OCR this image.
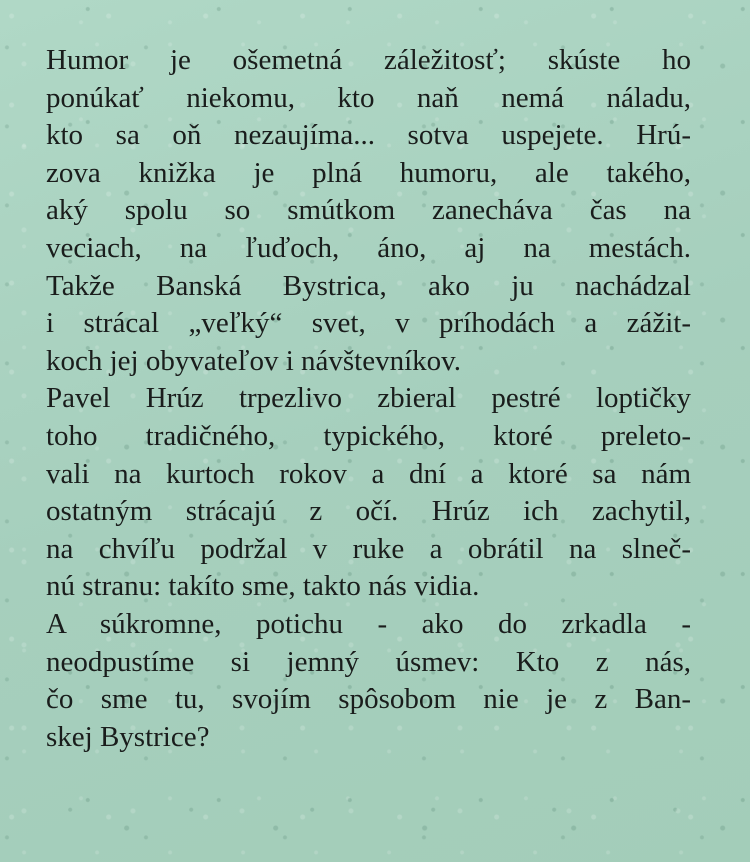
Humor je ošemetná záležitosť; skúste ho
ponúkať niekomu, kto naň nemá náladu,
kto sa oň nezaujíma... sotva uspejete. Hrú-
zova knižka je plná humoru, ale takého,
aký spolu so smútkom zanecháva čas na
veciach, na ľuďoch, áno, aj na mestách.
Takže Banská Bystrica, ako ju nachádzal
i strácal „veľký“ svet, v príhodách a zážit-
koch jej obyvateľov i návštevníkov.
Pavel Hrúz trpezlivo zbieral pestré loptičky
toho tradičného, typického, ktoré preleto-
vali na kurtoch rokov a dní a ktoré sa nám
ostatným strácajú z očí. Hrúz ich zachytil,
na chvíľu podržal v ruke a obrátil na slneč-
nú stranu: takíto sme, takto nás vidia.
A súkromne, potichu - ako do zrkadla -
neodpustíme si jemný úsmev: Kto z nás,
čo sme tu, svojím spôsobom nie je z Ban-
skej Bystrice?
